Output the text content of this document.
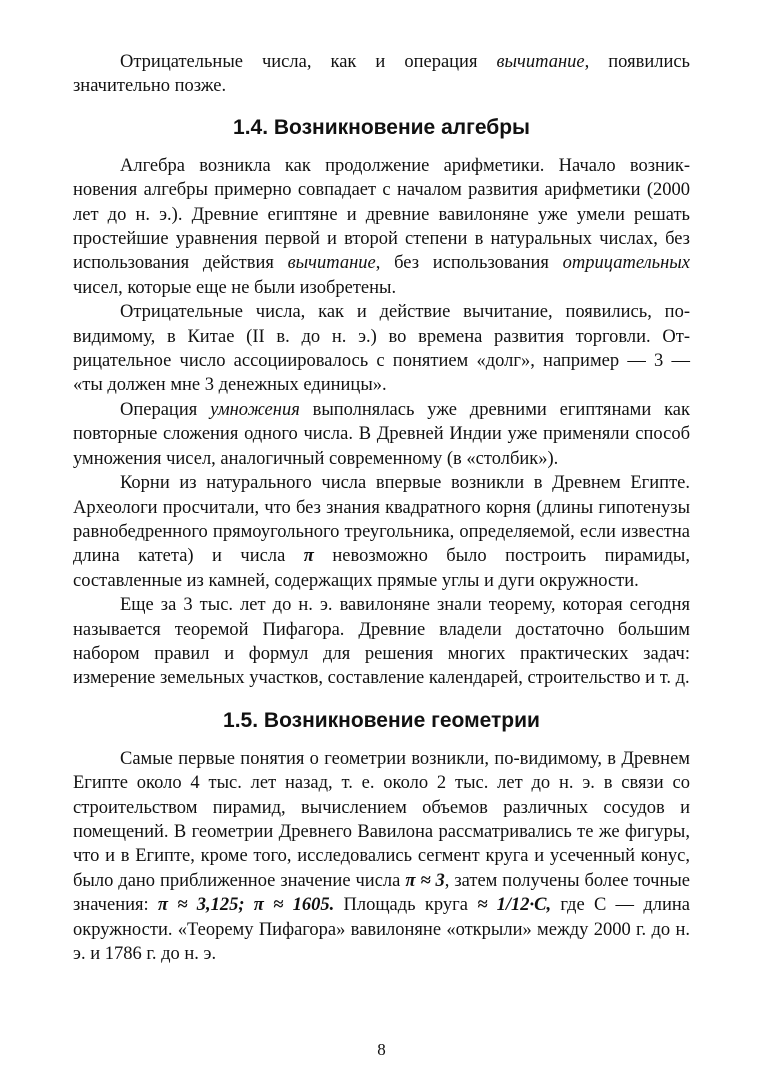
Отрицательные числа, как и операция вычитание, появились значительно позже.

1.4. Возникновение алгебры

Алгебра возникла как продолжение арифметики. Начало возникновения алгебры примерно совпадает с началом развития арифметики (2000 лет до н. э.). Древние египтяне и древние вавилоняне уже умели решать простейшие уравнения первой и второй степени в натуральных числах, без использования действия вычитание, без использования отрицательных чисел, которые еще не были изобретены.

Отрицательные числа, как и действие вычитание, появились, повидимому, в Китае (II в. до н. э.) во времена развития торговли. Отрицательное число ассоциировалось с понятием «долг», например — 3 — «ты должен мне 3 денежных единицы».

Операция умножения выполнялась уже древними египтянами как повторные сложения одного числа. В Древней Индии уже применяли способ умножения чисел, аналогичный современному (в «столбик»).

Корни из натурального числа впервые возникли в Древнем Египте. Археологи просчитали, что без знания квадратного корня (длины гипотенузы равнобедренного прямоугольного треугольника, определяемой, если известна длина катета) и числа π невозможно было построить пирамиды, составленные из камней, содержащих прямые углы и дуги окружности.

Еще за 3 тыс. лет до н. э. вавилоняне знали теорему, которая сегодня называется теоремой Пифагора. Древние владели достаточно большим набором правил и формул для решения многих практических задач: измерение земельных участков, составление календарей, строительство и т. д.

1.5. Возникновение геометрии

Самые первые понятия о геометрии возникли, по-видимому, в Древнем Египте около 4 тыс. лет назад, т. е. около 2 тыс. лет до н. э. в связи со строительством пирамид, вычислением объемов различных сосудов и помещений. В геометрии Древнего Вавилона рассматривались те же фигуры, что и в Египте, кроме того, исследовались сегмент круга и усеченный конус, было дано приближенное значение числа π ≈ 3, затем получены более точные значения: π ≈ 3,125; π ≈ 1605. Площадь круга ≈ 1/12∙C, где С — длина окружности. «Теорему Пифагора» вавилоняне «открыли» между 2000 г. до н. э. и 1786 г. до н. э.

8
